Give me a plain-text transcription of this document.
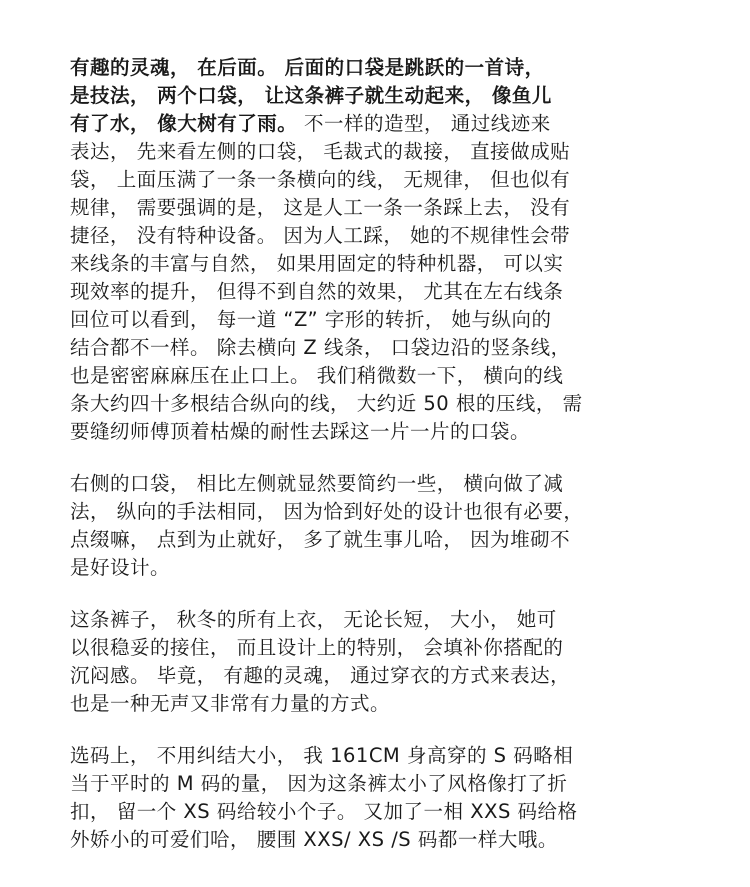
有趣的灵魂， 在后面。 后面的口袋是跳跃的一首诗，
是技法， 两个口袋， 让这条裤子就生动起来， 像鱼儿
有了水， 像大树有了雨。 不一样的造型， 通过线迹来
表达， 先来看左侧的口袋， 毛裁式的裁接， 直接做成贴
袋， 上面压满了一条一条横向的线， 无规律， 但也似有
规律， 需要强调的是， 这是人工一条一条踩上去， 没有
捷径， 没有特种设备。 因为人工踩， 她的不规律性会带
来线条的丰富与自然， 如果用固定的特种机器， 可以实
现效率的提升， 但得不到自然的效果， 尤其在左右线条
回位可以看到， 每一道 “Z” 字形的转折， 她与纵向的
结合都不一样。 除去横向 Z 线条， 口袋边沿的竖条线，
也是密密麻麻压在止口上。 我们稍微数一下， 横向的线
条大约四十多根结合纵向的线， 大约近 50 根的压线， 需
要缝纫师傅顶着枯燥的耐性去踩这一片一片的口袋。

右侧的口袋， 相比左侧就显然要简约一些， 横向做了减
法， 纵向的手法相同， 因为恰到好处的设计也很有必要，
点缀嘛， 点到为止就好， 多了就生事儿哈， 因为堆砌不
是好设计。

这条裤子， 秋冬的所有上衣， 无论长短， 大小， 她可
以很稳妥的接住， 而且设计上的特别， 会填补你搭配的
沉闷感。 毕竟， 有趣的灵魂， 通过穿衣的方式来表达，
也是一种无声又非常有力量的方式。

选码上， 不用纠结大小， 我 161CM 身高穿的 S 码略相
当于平时的 M 码的量， 因为这条裤太小了风格像打了折
扣， 留一个 XS 码给较小个子。 又加了一相 XXS 码给格
外娇小的可爱们哈， 腰围 XXS/ XS /S 码都一样大哦。
